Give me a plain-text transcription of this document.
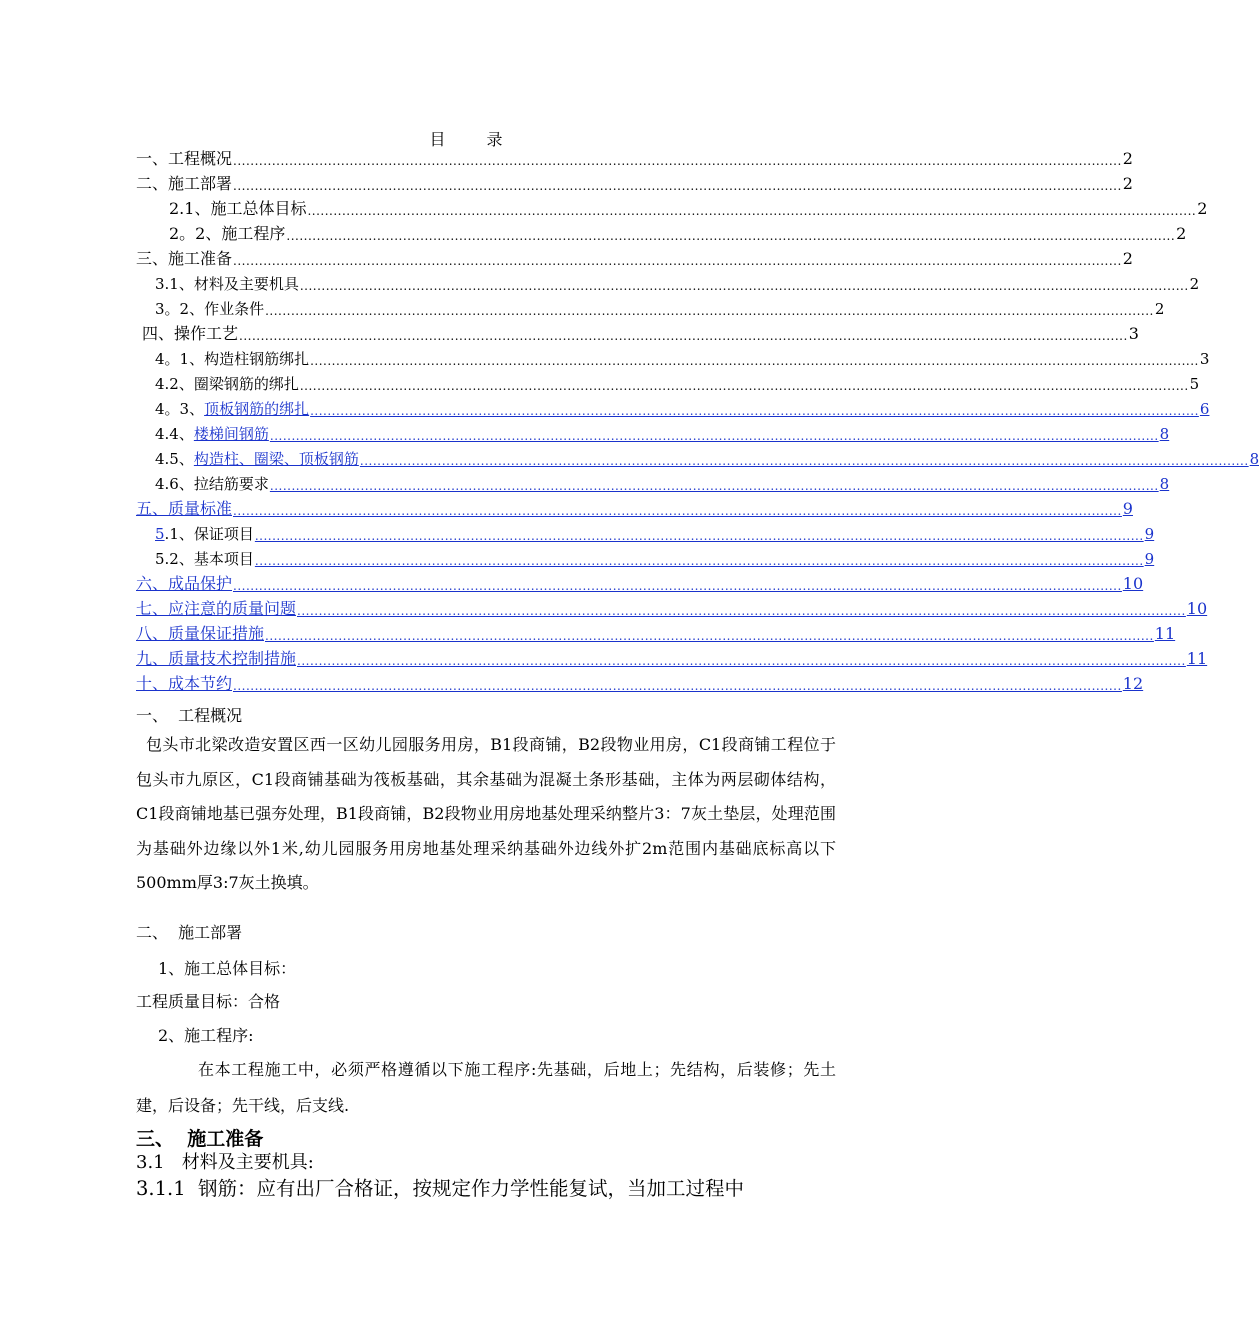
目 录
一、工程概况 .............................................................................................................................................................................................................. 2
二、施工部署 .............................................................................................................................................................................................................. 2
2.1、施工总体目标 .............................................................................................................................................................................................................. 2
2。2、施工程序 .............................................................................................................................................................................................................. 2
三、施工准备 .............................................................................................................................................................................................................. 2
3.1、材料及主要机具 .............................................................................................................................................................................................................. 2
3。2、作业条件 .............................................................................................................................................................................................................. 2
四、操作工艺 .............................................................................................................................................................................................................. 3
4。1、构造柱钢筋绑扎 .............................................................................................................................................................................................................. 3
4.2、圈梁钢筋的绑扎 .............................................................................................................................................................................................................. 5
4。3、 顶板钢筋的绑扎 .............................................................................................................................................................................................................. 6
4.4、 楼梯间钢筋 .............................................................................................................................................................................................................. 8
4.5、 构造柱、圈梁、顶板钢筋 .............................................................................................................................................................................................................. 8
4.6、 拉结筋要求 .............................................................................................................................................................................................................. 8
五、质量标准 .............................................................................................................................................................................................................. 9
5 .1、保证项目 .............................................................................................................................................................................................................. 9
5.2、 基本项目 .............................................................................................................................................................................................................. 9
六、成品保护 .............................................................................................................................................................................................................. 10
七、应注意的质量问题 .............................................................................................................................................................................................................. 10
八、质量保证措施 .............................................................................................................................................................................................................. 11
九、质量技术控制措施 .............................................................................................................................................................................................................. 11
十、成本节约 .............................................................................................................................................................................................................. 12
一、  工程概况
包头市北梁改造安置区西一区幼儿园服务用房，B1段商铺，B2段物业用房，C1段商铺工程位于包头市九原区，C1段商铺基础为筏板基础，其余基础为混凝土条形基础，主体为两层砌体结构，C1段商铺地基已强夯处理，B1段商铺，B2段物业用房地基处理采纳整片3：7灰土垫层，处理范围为基础外边缘以外1米,幼儿园服务用房地基处理采纳基础外边线外扩2m范围内基础底标高以下500mm厚3:7灰土换填。
二、  施工部署
1、施工总体目标：
工程质量目标：合格
2、施工程序:
在本工程施工中，必须严格遵循以下施工程序:先基础，后地上；先结构，后装修；先土建，后设备；先干线，后支线.
三、  施工准备
3.1   材料及主要机具:
3.1.1  钢筋：应有出厂合格证，按规定作力学性能复试，当加工过程中
